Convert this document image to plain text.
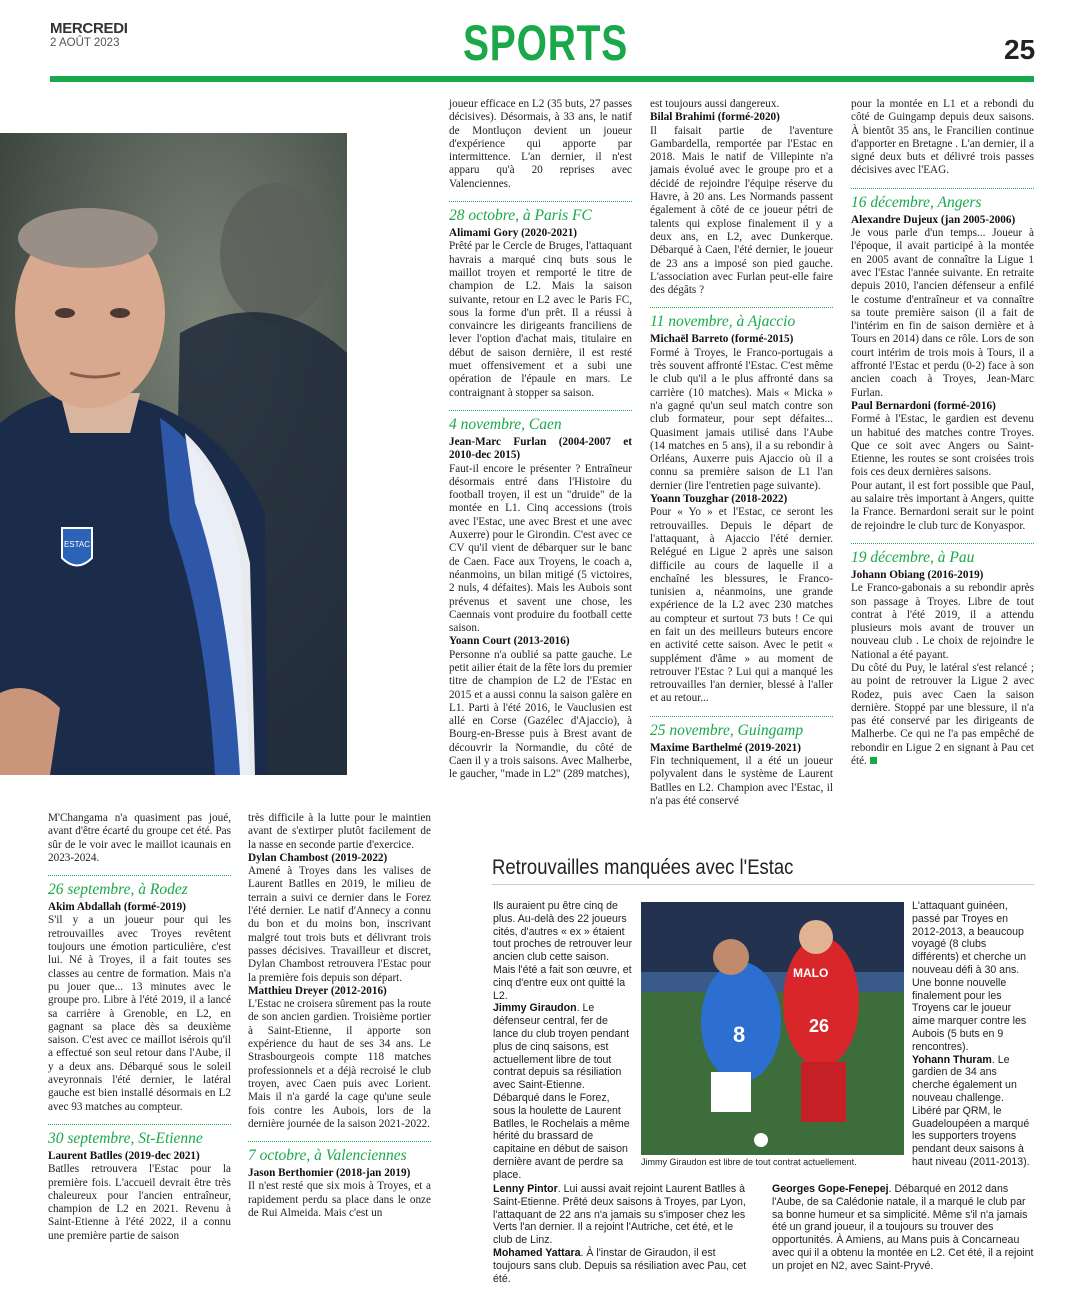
MERCREDI
2 AOÛT 2023	SPORTS	25
ESTAC

joueur efficace en L2 (35 buts, 27 passes décisives). Désormais, à 33 ans, le natif de Montluçon devient un joueur d'expérience qui apporte par intermittence. L'an dernier, il n'est apparu qu'à 20 reprises avec Valenciennes.

28 octobre, à Paris FC

Alimami Gory (2020-2021)

Prêté par le Cercle de Bruges, l'attaquant havrais a marqué cinq buts sous le maillot troyen et remporté le titre de champion de L2. Mais la saison suivante, retour en L2 avec le Paris FC, sous la forme d'un prêt. Il a réussi à convaincre les dirigeants franciliens de lever l'option d'achat mais, titulaire en début de saison dernière, il est resté muet offensivement et a subi une opération de l'épaule en mars. Le contraignant à stopper sa saison.

4 novembre, Caen

Jean-Marc Furlan (2004-2007 et 2010-dec 2015)

Faut-il encore le présenter ? Entraîneur désormais entré dans l'Histoire du football troyen, il est un "druide" de la montée en L1. Cinq accessions (trois avec l'Estac, une avec Brest et une avec Auxerre) pour le Girondin. C'est avec ce CV qu'il vient de débarquer sur le banc de Caen. Face aux Troyens, le coach a, néanmoins, un bilan mitigé (5 victoires, 2 nuls, 4 défaites). Mais les Aubois sont prévenus et savent une chose, les Caennais vont produire du football cette saison.

Yoann Court (2013-2016)

Personne n'a oublié sa patte gauche. Le petit ailier était de la fête lors du premier titre de champion de L2 de l'Estac en 2015 et a aussi connu la saison galère en L1. Parti à l'été 2016, le Vauclusien est allé en Corse (Gazélec d'Ajaccio), à Bourg-en-Bresse puis à Brest avant de découvrir la Normandie, du côté de Caen il y a trois saisons. Avec Malherbe, le gaucher, "made in L2" (289 matches),

est toujours aussi dangereux.

Bilal Brahimi (formé-2020)

Il faisait partie de l'aventure Gambardella, remportée par l'Estac en 2018. Mais le natif de Villepinte n'a jamais évolué avec le groupe pro et a décidé de rejoindre l'équipe réserve du Havre, à 20 ans. Les Normands passent également à côté de ce joueur pétri de talents qui explose finalement il y a deux ans, en L2, avec Dunkerque. Débarqué à Caen, l'été dernier, le joueur de 23 ans a imposé son pied gauche. L'association avec Furlan peut-elle faire des dégâts ?

11 novembre, à Ajaccio

Michaël Barreto (formé-2015)

Formé à Troyes, le Franco-portugais a très souvent affronté l'Estac. C'est même le club qu'il a le plus affronté dans sa carrière (10 matches). Mais « Micka » n'a gagné qu'un seul match contre son club formateur, pour sept défaites... Quasiment jamais utilisé dans l'Aube (14 matches en 5 ans), il a su rebondir à Orléans, Auxerre puis Ajaccio où il a connu sa première saison de L1 l'an dernier (lire l'entretien page suivante).

Yoann Touzghar (2018-2022)

Pour « Yo » et l'Estac, ce seront les retrouvailles. Depuis le départ de l'attaquant, à Ajaccio l'été dernier. Relégué en Ligue 2 après une saison difficile au cours de laquelle il a enchaîné les blessures, le Franco-tunisien a, néanmoins, une grande expérience de la L2 avec 230 matches au compteur et surtout 73 buts ! Ce qui en fait un des meilleurs buteurs encore en activité cette saison. Avec le petit « supplément d'âme » au moment de retrouver l'Estac ? Lui qui a manqué les retrouvailles l'an dernier, blessé à l'aller et au retour...

25 novembre, Guingamp

Maxime Barthelmé (2019-2021)

Fin techniquement, il a été un joueur polyvalent dans le système de Laurent Batlles en L2. Champion avec l'Estac, il n'a pas été conservé

pour la montée en L1 et a rebondi du côté de Guingamp depuis deux saisons. À bientôt 35 ans, le Francilien continue d'apporter en Bretagne . L'an dernier, il a signé deux buts et délivré trois passes décisives avec l'EAG.

16 décembre, Angers

Alexandre Dujeux (jan 2005-2006)

Je vous parle d'un temps... Joueur à l'époque, il avait participé à la montée en 2005 avant de connaître la Ligue 1 avec l'Estac l'année suivante. En retraite depuis 2010, l'ancien défenseur a enfilé le costume d'entraîneur et va connaître sa toute première saison (il a fait de l'intérim en fin de saison dernière et à Tours en 2014) dans ce rôle. Lors de son court intérim de trois mois à Tours, il a affronté l'Estac et perdu (0-2) face à son ancien coach à Troyes, Jean-Marc Furlan.

Paul Bernardoni (formé-2016)

Formé à l'Estac, le gardien est devenu un habitué des matches contre Troyes. Que ce soit avec Angers ou Saint-Etienne, les routes se sont croisées trois fois ces deux dernières saisons.

Pour autant, il est fort possible que Paul, au salaire très important à Angers, quitte la France. Bernardoni serait sur le point de rejoindre le club turc de Konyaspor.

19 décembre, à Pau

Johann Obiang (2016-2019)

Le Franco-gabonais a su rebondir après son passage à Troyes. Libre de tout contrat à l'été 2019, il a attendu plusieurs mois avant de trouver un nouveau club . Le choix de rejoindre le National a été payant.

Du côté du Puy, le latéral s'est relancé ; au point de retrouver la Ligue 2 avec Rodez, puis avec Caen la saison dernière. Stoppé par une blessure, il n'a pas été conservé par les dirigeants de Malherbe. Ce qui ne l'a pas empêché de rebondir en Ligue 2 en signant à Pau cet été.

M'Changama n'a quasiment pas joué, avant d'être écarté du groupe cet été. Pas sûr de le voir avec le maillot icaunais en 2023-2024.

26 septembre, à Rodez

Akim Abdallah (formé-2019)

S'il y a un joueur pour qui les retrouvailles avec Troyes revêtent toujours une émotion particulière, c'est lui. Né à Troyes, il a fait toutes ses classes au centre de formation. Mais n'a pu jouer que... 13 minutes avec le groupe pro. Libre à l'été 2019, il a lancé sa carrière à Grenoble, en L2, en gagnant sa place dès sa deuxième saison. C'est avec ce maillot isérois qu'il a effectué son seul retour dans l'Aube, il y a deux ans. Débarqué sous le soleil aveyronnais l'été dernier, le latéral gauche est bien installé désormais en L2 avec 93 matches au compteur.

30 septembre, St-Etienne

Laurent Batlles (2019-dec 2021)

Batlles retrouvera l'Estac pour la première fois. L'accueil devrait être très chaleureux pour l'ancien entraîneur, champion de L2 en 2021. Revenu à Saint-Etienne à l'été 2022, il a connu une première partie de saison

très difficile à la lutte pour le maintien avant de s'extirper plutôt facilement de la nasse en seconde partie d'exercice.

Dylan Chambost (2019-2022)

Amené à Troyes dans les valises de Laurent Batlles en 2019, le milieu de terrain a suivi ce dernier dans le Forez l'été dernier. Le natif d'Annecy a connu du bon et du moins bon, inscrivant malgré tout trois buts et délivrant trois passes décisives. Travailleur et discret, Dylan Chambost retrouvera l'Estac pour la première fois depuis son départ.

Matthieu Dreyer (2012-2016)

L'Estac ne croisera sûrement pas la route de son ancien gardien. Troisième portier à Saint-Etienne, il apporte son expérience du haut de ses 34 ans. Le Strasbourgeois compte 118 matches professionnels et a déjà recroisé le club troyen, avec Caen puis avec Lorient. Mais il n'a gardé la cage qu'une seule fois contre les Aubois, lors de la dernière journée de la saison 2021-2022.

7 octobre, à Valenciennes

Jason Berthomier (2018-jan 2019)

Il n'est resté que six mois à Troyes, et a rapidement perdu sa place dans le onze de Rui Almeida. Mais c'est un

Retrouvailles manquées avec l'Estac

Ils auraient pu être cinq de plus. Au-delà des 22 joueurs cités, d'autres « ex » étaient tout proches de retrouver leur ancien club cette saison. Mais l'été a fait son œuvre, et cinq d'entre eux ont quitté la L2.

Jimmy Giraudon. Le défenseur central, fer de lance du club troyen pendant plus de cinq saisons, est actuellement libre de tout contrat depuis sa résiliation avec Saint-Etienne. Débarqué dans le Forez, sous la houlette de Laurent Batlles, le Rochelais a même hérité du brassard de capitaine en début de saison dernière avant de perdre sa place.

8
MALO
26
Jimmy Giraudon est libre de tout contrat actuellement.

L'attaquant guinéen, passé par Troyes en 2012-2013, a beaucoup voyagé (8 clubs différents) et cherche un nouveau défi à 30 ans. Une bonne nouvelle finalement pour les Troyens car le joueur aime marquer contre les Aubois (5 buts en 9 rencontres).

Yohann Thuram. Le gardien de 34 ans cherche également un nouveau challenge. Libéré par QRM, le Guadeloupéen a marqué les supporters troyens pendant deux saisons à haut niveau (2011-2013).

Lenny Pintor. Lui aussi avait rejoint Laurent Batlles à Saint-Etienne. Prêté deux saisons à Troyes, par Lyon, l'attaquant de 22 ans n'a jamais su s'imposer chez les Verts l'an dernier. Il a rejoint l'Autriche, cet été, et le club de Linz.

Mohamed Yattara. À l'instar de Giraudon, il est toujours sans club. Depuis sa résiliation avec Pau, cet été.

Georges Gope-Fenepej. Débarqué en 2012 dans l'Aube, de sa Calédonie natale, il a marqué le club par sa bonne humeur et sa simplicité. Même s'il n'a jamais été un grand joueur, il a toujours su trouver des opportunités. À Amiens, au Mans puis à Concarneau avec qui il a obtenu la montée en L2. Cet été, il a rejoint un projet en N2, avec Saint-Pryvé.
